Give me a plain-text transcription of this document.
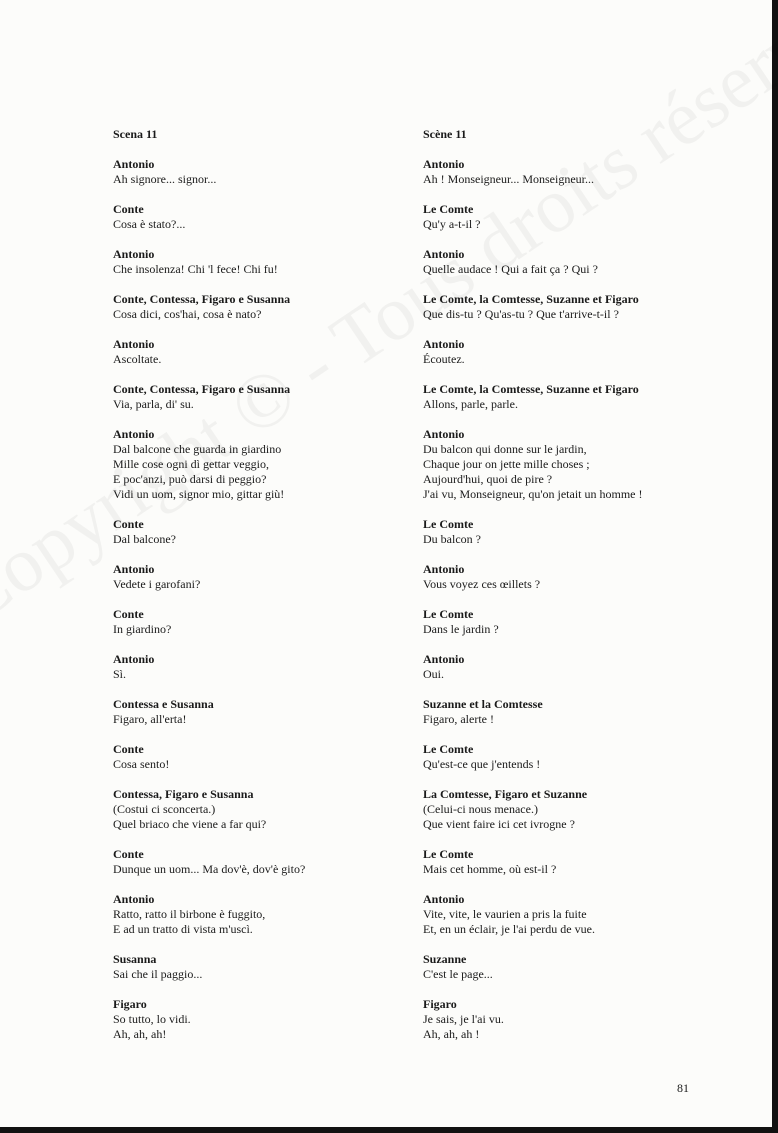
Scena 11
Antonio
Ah signore... signor...
Conte
Cosa è stato?...
Antonio
Che insolenza! Chi 'l fece! Chi fu!
Conte, Contessa, Figaro e Susanna
Cosa dici, cos'hai, cosa è nato?
Antonio
Ascoltate.
Conte, Contessa, Figaro e Susanna
Via, parla, di' su.
Antonio
Dal balcone che guarda in giardino
Mille cose ogni dì gettar veggio,
E poc'anzi, può darsi di peggio?
Vidi un uom, signor mio, gittar giù!
Conte
Dal balcone?
Antonio
Vedete i garofani?
Conte
In giardino?
Antonio
Sì.
Contessa e Susanna
Figaro, all'erta!
Conte
Cosa sento!
Contessa, Figaro e Susanna
(Costui ci sconcerta.)
Quel briaco che viene a far qui?
Conte
Dunque un uom... Ma dov'è, dov'è gito?
Antonio
Ratto, ratto il birbone è fuggito,
E ad un tratto di vista m'uscì.
Susanna
Sai che il paggio...
Figaro
So tutto, lo vidi.
Ah, ah, ah!
Scène 11
Antonio
Ah ! Monseigneur... Monseigneur...
Le Comte
Qu'y a-t-il ?
Antonio
Quelle audace ! Qui a fait ça ? Qui ?
Le Comte, la Comtesse, Suzanne et Figaro
Que dis-tu ? Qu'as-tu ? Que t'arrive-t-il ?
Antonio
Écoutez.
Le Comte, la Comtesse, Suzanne et Figaro
Allons, parle, parle.
Antonio
Du balcon qui donne sur le jardin,
Chaque jour on jette mille choses ;
Aujourd'hui, quoi de pire ?
J'ai vu, Monseigneur, qu'on jetait un homme !
Le Comte
Du balcon ?
Antonio
Vous voyez ces œillets ?
Le Comte
Dans le jardin ?
Antonio
Oui.
Suzanne et la Comtesse
Figaro, alerte !
Le Comte
Qu'est-ce que j'entends !
La Comtesse, Figaro et Suzanne
(Celui-ci nous menace.)
Que vient faire ici cet ivrogne ?
Le Comte
Mais cet homme, où est-il ?
Antonio
Vite, vite, le vaurien a pris la fuite
Et, en un éclair, je l'ai perdu de vue.
Suzanne
C'est le page...
Figaro
Je sais, je l'ai vu.
Ah, ah, ah !
81
